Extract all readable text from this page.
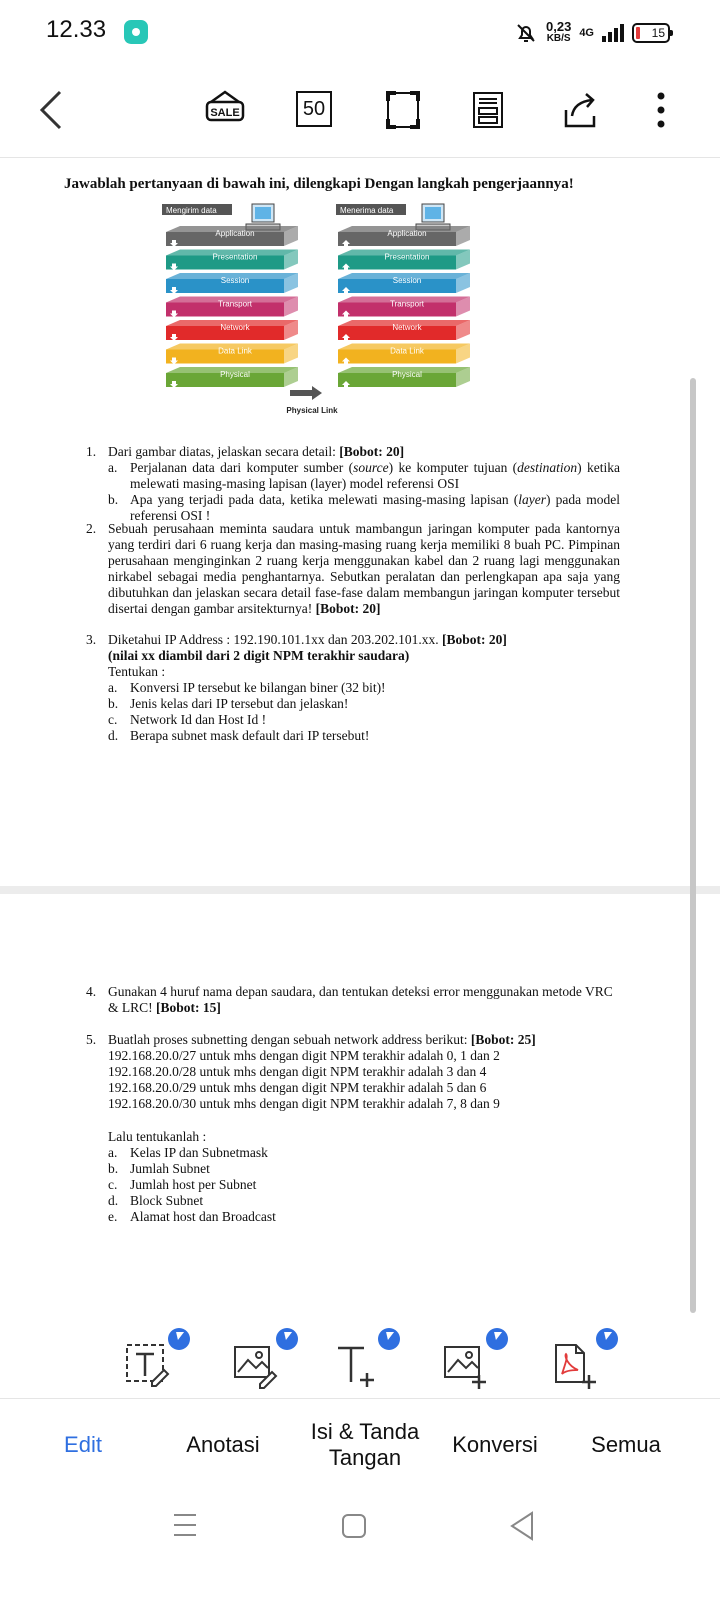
12.33	0,23
KB/S 4G	15
SALE	50
Jawablah pertanyaan di bawah ini, dilengkapi Dengan langkah pengerjaannya!
Mengirim data	Menerima data
Application
Presentation
Session
Transport
Network
Data Link
Physical
Application
Presentation
Session
Transport
Network
Data Link
Physical
Physical Link
1. Dari gambar diatas, jelaskan secara detail: [Bobot: 20]
a. Perjalanan data dari komputer sumber (source) ke komputer tujuan (destination) ketika melewati masing-masing lapisan (layer) model referensi OSI
b. Apa yang terjadi pada data, ketika melewati masing-masing lapisan (layer) pada model referensi OSI !
2. Sebuah perusahaan meminta saudara untuk mambangun jaringan komputer pada kantornya yang terdiri dari 6 ruang kerja dan masing-masing ruang kerja memiliki 8 buah PC. Pimpinan perusahaan menginginkan 2 ruang kerja menggunakan kabel dan 2 ruang lagi menggunakan nirkabel sebagai media penghantarnya. Sebutkan peralatan dan perlengkapan apa saja yang dibutuhkan dan jelaskan secara detail fase-fase dalam membangun jaringan komputer tersebut disertai dengan gambar arsitekturnya! [Bobot: 20]
3. Diketahui IP Address : 192.190.101.1xx dan 203.202.101.xx. [Bobot: 20]
(nilai xx diambil dari 2 digit NPM terakhir saudara)
Tentukan :
a. Konversi IP tersebut ke bilangan biner (32 bit)!
b. Jenis kelas dari IP tersebut dan jelaskan!
c. Network Id dan Host Id !
d. Berapa subnet mask default dari IP tersebut!
4. Gunakan 4 huruf nama depan saudara, dan tentukan deteksi error menggunakan metode VRC & LRC! [Bobot: 15]
5. Buatlah proses subnetting dengan sebuah network address berikut: [Bobot: 25]
192.168.20.0/27 untuk mhs dengan digit NPM terakhir adalah 0, 1 dan 2
192.168.20.0/28 untuk mhs dengan digit NPM terakhir adalah 3 dan 4
192.168.20.0/29 untuk mhs dengan digit NPM terakhir adalah 5 dan 6
192.168.20.0/30 untuk mhs dengan digit NPM terakhir adalah 7, 8 dan 9
Lalu tentukanlah :
a. Kelas IP dan Subnetmask
b. Jumlah Subnet
c. Jumlah host per Subnet
d. Block Subnet
e. Alamat host dan Broadcast
Edit	Anotasi
Isi & Tanda Tangan
Konversi	Semua
